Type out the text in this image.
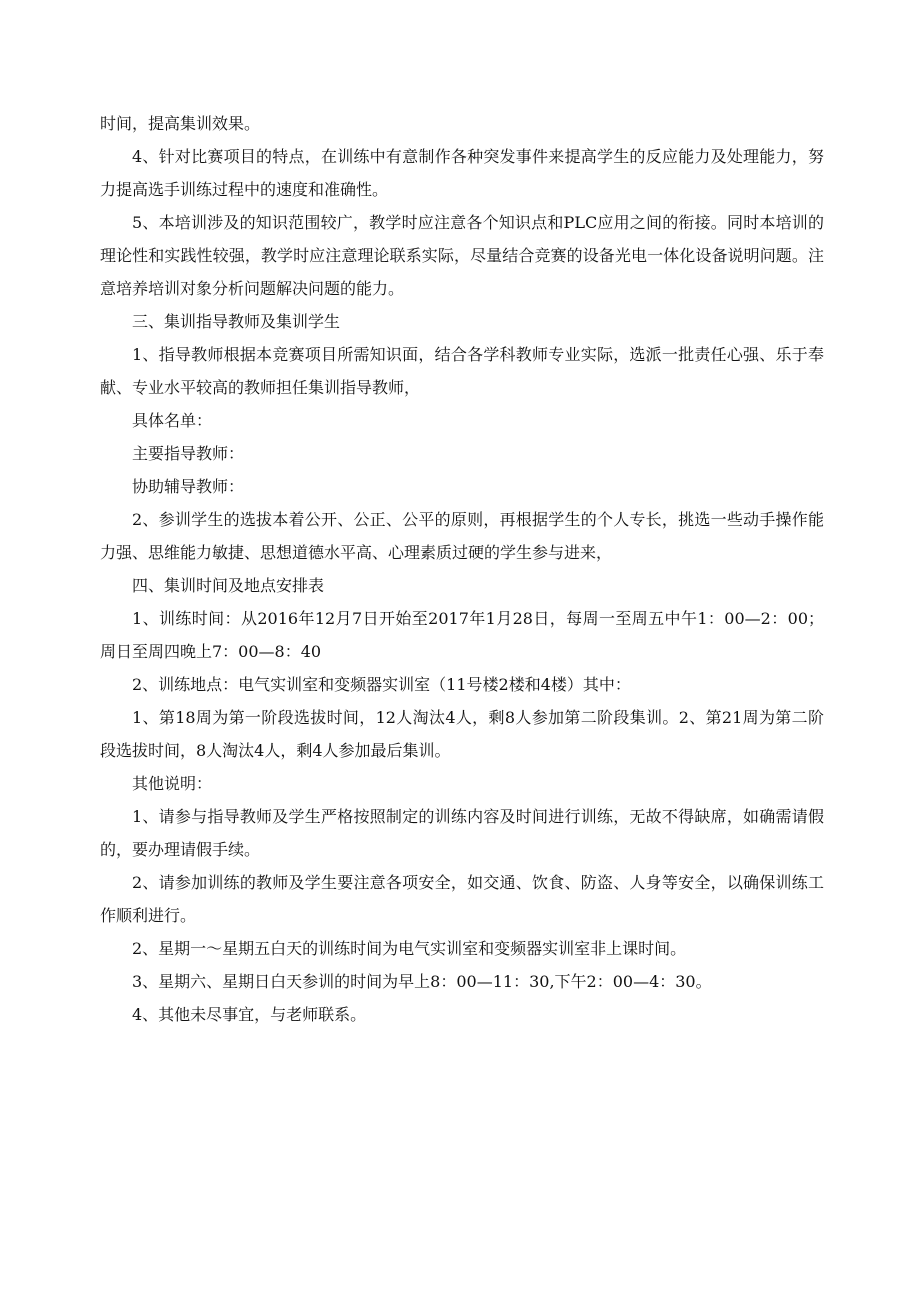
时间，提高集训效果。

4、针对比赛项目的特点，在训练中有意制作各种突发事件来提高学生的反应能力及处理能力，努力提高选手训练过程中的速度和准确性。

5、本培训涉及的知识范围较广，教学时应注意各个知识点和PLC应用之间的衔接。同时本培训的理论性和实践性较强，教学时应注意理论联系实际，尽量结合竞赛的设备光电一体化设备说明问题。注意培养培训对象分析问题解决问题的能力。

三、集训指导教师及集训学生

1、指导教师根据本竞赛项目所需知识面，结合各学科教师专业实际，选派一批责任心强、乐于奉献、专业水平较高的教师担任集训指导教师，

具体名单：

主要指导教师：

协助辅导教师：

2、参训学生的选拔本着公开、公正、公平的原则，再根据学生的个人专长，挑选一些动手操作能力强、思维能力敏捷、思想道德水平高、心理素质过硬的学生参与进来，

四、集训时间及地点安排表

1、训练时间：从2016年12月7日开始至2017年1月28日，每周一至周五中午1：00—2：00；周日至周四晚上7：00—8：40

2、训练地点：电气实训室和变频器实训室（11号楼2楼和4楼）其中：

1、第18周为第一阶段选拔时间，12人淘汰4人，剩8人参加第二阶段集训。2、第21周为第二阶段选拔时间，8人淘汰4人，剩4人参加最后集训。

其他说明：

1、请参与指导教师及学生严格按照制定的训练内容及时间进行训练，无故不得缺席，如确需请假的，要办理请假手续。

2、请参加训练的教师及学生要注意各项安全，如交通、饮食、防盗、人身等安全，以确保训练工作顺利进行。

2、星期一～星期五白天的训练时间为电气实训室和变频器实训室非上课时间。

3、星期六、星期日白天参训的时间为早上8：00—11：30,下午2：00—4：30。

4、其他未尽事宜，与老师联系。
